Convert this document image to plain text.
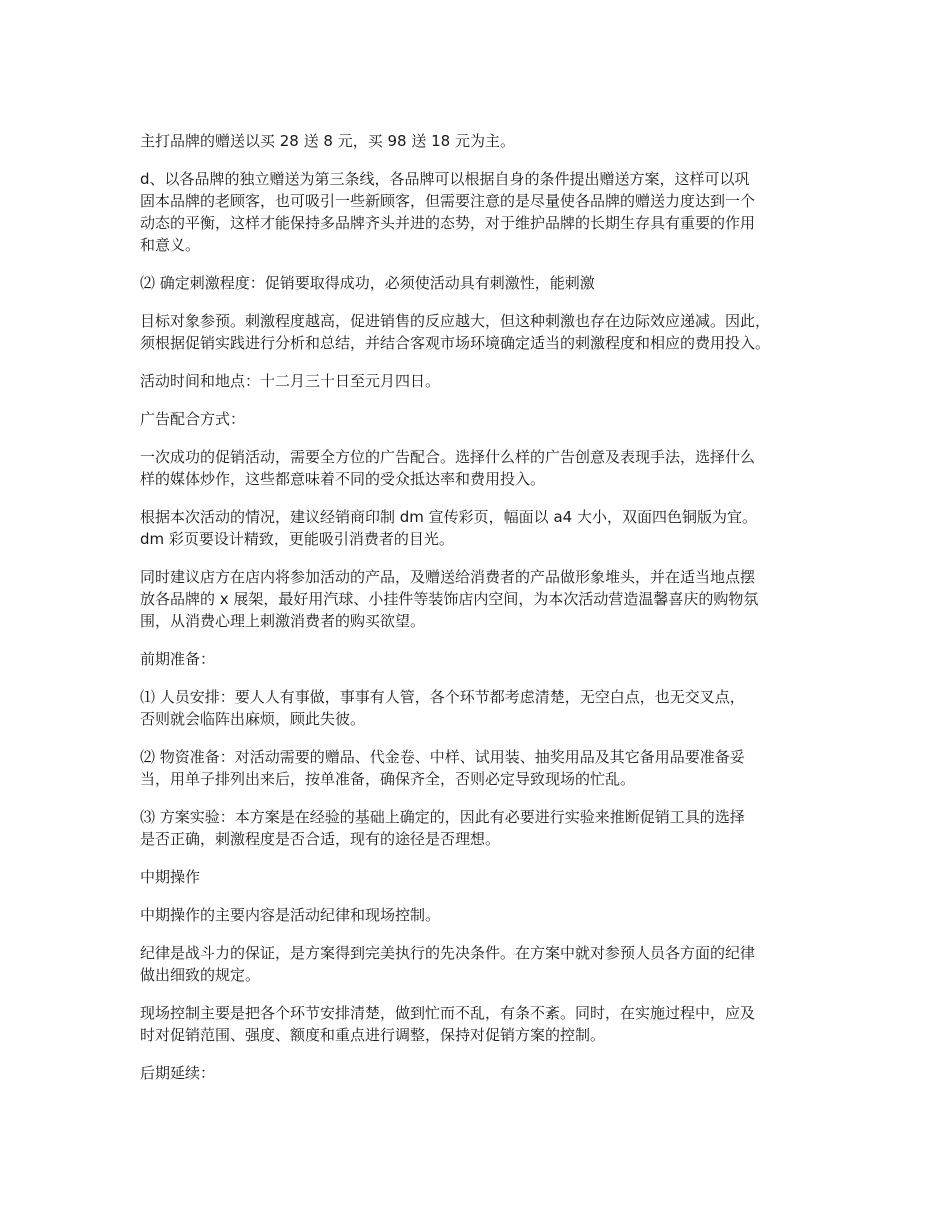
主打品牌的赠送以买 28 送 8 元，买 98 送 18 元为主。

d、以各品牌的独立赠送为第三条线，各品牌可以根据自身的条件提出赠送方案，这样可以巩
固本品牌的老顾客，也可吸引一些新顾客，但需要注意的是尽量使各品牌的赠送力度达到一个
动态的平衡，这样才能保持多品牌齐头并进的态势，对于维护品牌的长期生存具有重要的作用
和意义。

⑵ 确定刺激程度：促销要取得成功，必须使活动具有刺激性，能刺激

目标对象参预。刺激程度越高，促进销售的反应越大，但这种刺激也存在边际效应递减。因此，
须根据促销实践进行分析和总结，并结合客观市场环境确定适当的刺激程度和相应的费用投入。

活动时间和地点：十二月三十日至元月四日。

广告配合方式：

一次成功的促销活动，需要全方位的广告配合。选择什么样的广告创意及表现手法，选择什么
样的媒体炒作，这些都意味着不同的受众抵达率和费用投入。

根据本次活动的情况，建议经销商印制 dm 宣传彩页，幅面以 a4 大小，双面四色铜版为宜。
dm 彩页要设计精致，更能吸引消费者的目光。

同时建议店方在店内将参加活动的产品，及赠送给消费者的产品做形象堆头，并在适当地点摆
放各品牌的 x 展架，最好用汽球、小挂件等装饰店内空间，为本次活动营造温馨喜庆的购物氛
围，从消费心理上刺激消费者的购买欲望。

前期准备：

⑴ 人员安排：要人人有事做，事事有人管，各个环节都考虑清楚，无空白点，也无交叉点，
否则就会临阵出麻烦，顾此失彼。

⑵ 物资准备：对活动需要的赠品、代金卷、中样、试用装、抽奖用品及其它备用品要准备妥
当，用单子排列出来后，按单准备，确保齐全，否则必定导致现场的忙乱。

⑶ 方案实验：本方案是在经验的基础上确定的，因此有必要进行实验来推断促销工具的选择
是否正确，刺激程度是否合适，现有的途径是否理想。

中期操作

中期操作的主要内容是活动纪律和现场控制。

纪律是战斗力的保证，是方案得到完美执行的先决条件。在方案中就对参预人员各方面的纪律
做出细致的规定。

现场控制主要是把各个环节安排清楚，做到忙而不乱，有条不紊。同时，在实施过程中，应及
时对促销范围、强度、额度和重点进行调整，保持对促销方案的控制。

后期延续：
